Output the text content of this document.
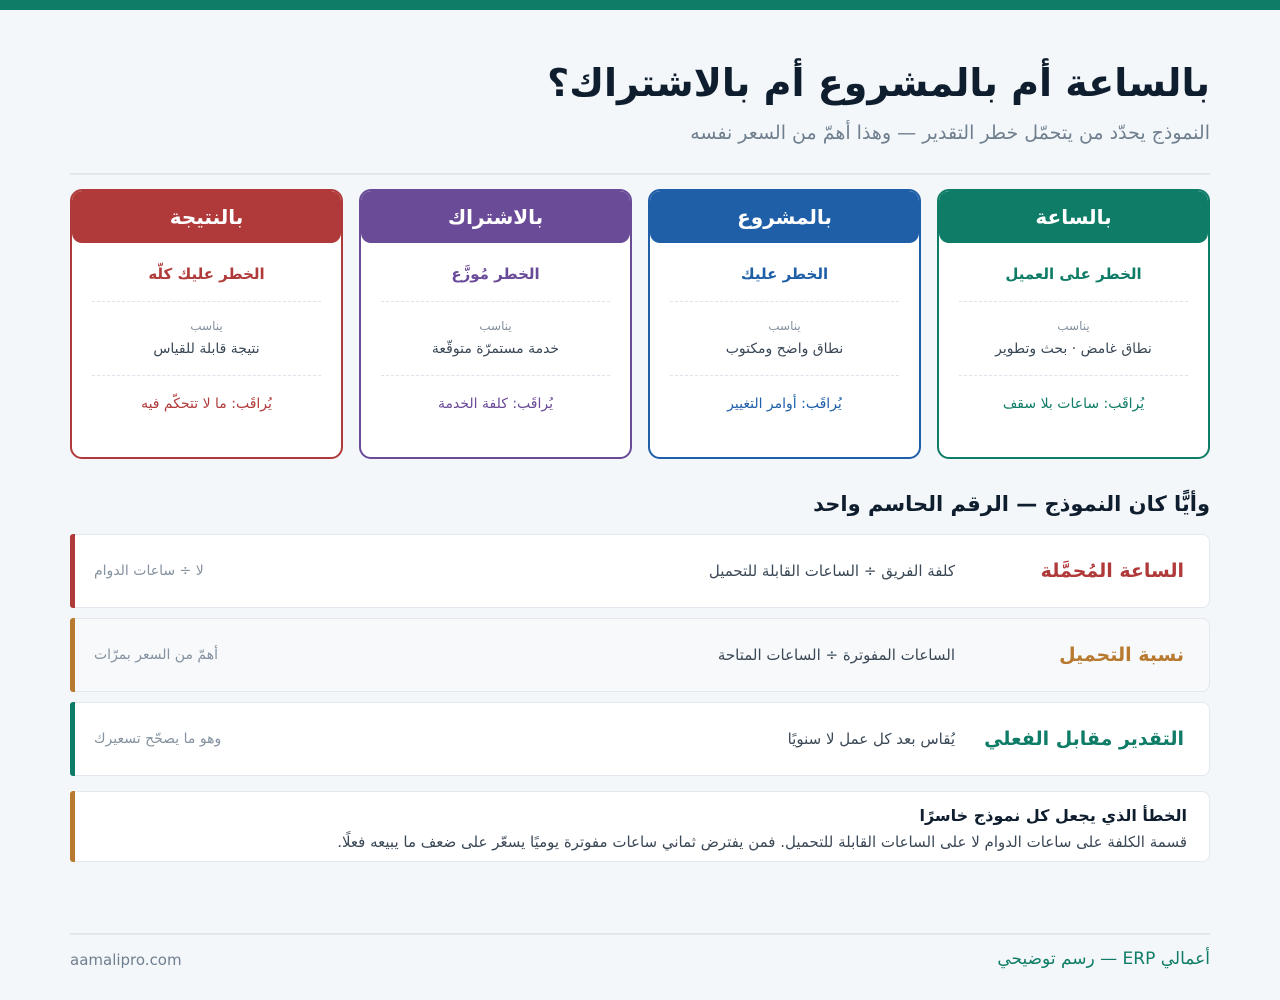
بالساعة أم بالمشروع أم بالاشتراك؟
النموذج يحدّد من يتحمّل خطر التقدير — وهذا أهمّ من السعر نفسه
بالساعة
الخطر على العميل
يناسب
نطاق غامض · بحث وتطوير
يُراقَب: ساعات بلا سقف
بالمشروع
الخطر عليك
يناسب
نطاق واضح ومكتوب
يُراقَب: أوامر التغيير
بالاشتراك
الخطر مُوزَّع
يناسب
خدمة مستمرّة متوقّعة
يُراقَب: كلفة الخدمة
بالنتيجة
الخطر عليك كلّه
يناسب
نتيجة قابلة للقياس
يُراقَب: ما لا تتحكّم فيه
وأيًّا كان النموذج — الرقم الحاسم واحد
الساعة المُحمَّلة
كلفة الفريق ÷ الساعات القابلة للتحميل
لا ÷ ساعات الدوام
نسبة التحميل
الساعات المفوترة ÷ الساعات المتاحة
أهمّ من السعر بمرّات
التقدير مقابل الفعلي
يُقاس بعد كل عمل لا سنويًا
وهو ما يصحّح تسعيرك
الخطأ الذي يجعل كل نموذج خاسرًا
قسمة الكلفة على ساعات الدوام لا على الساعات القابلة للتحميل. فمن يفترض ثماني ساعات مفوترة يوميًا يسعّر على ضعف ما يبيعه فعلًا.
أعمالي ERP — رسم توضيحي
aamalipro.com
